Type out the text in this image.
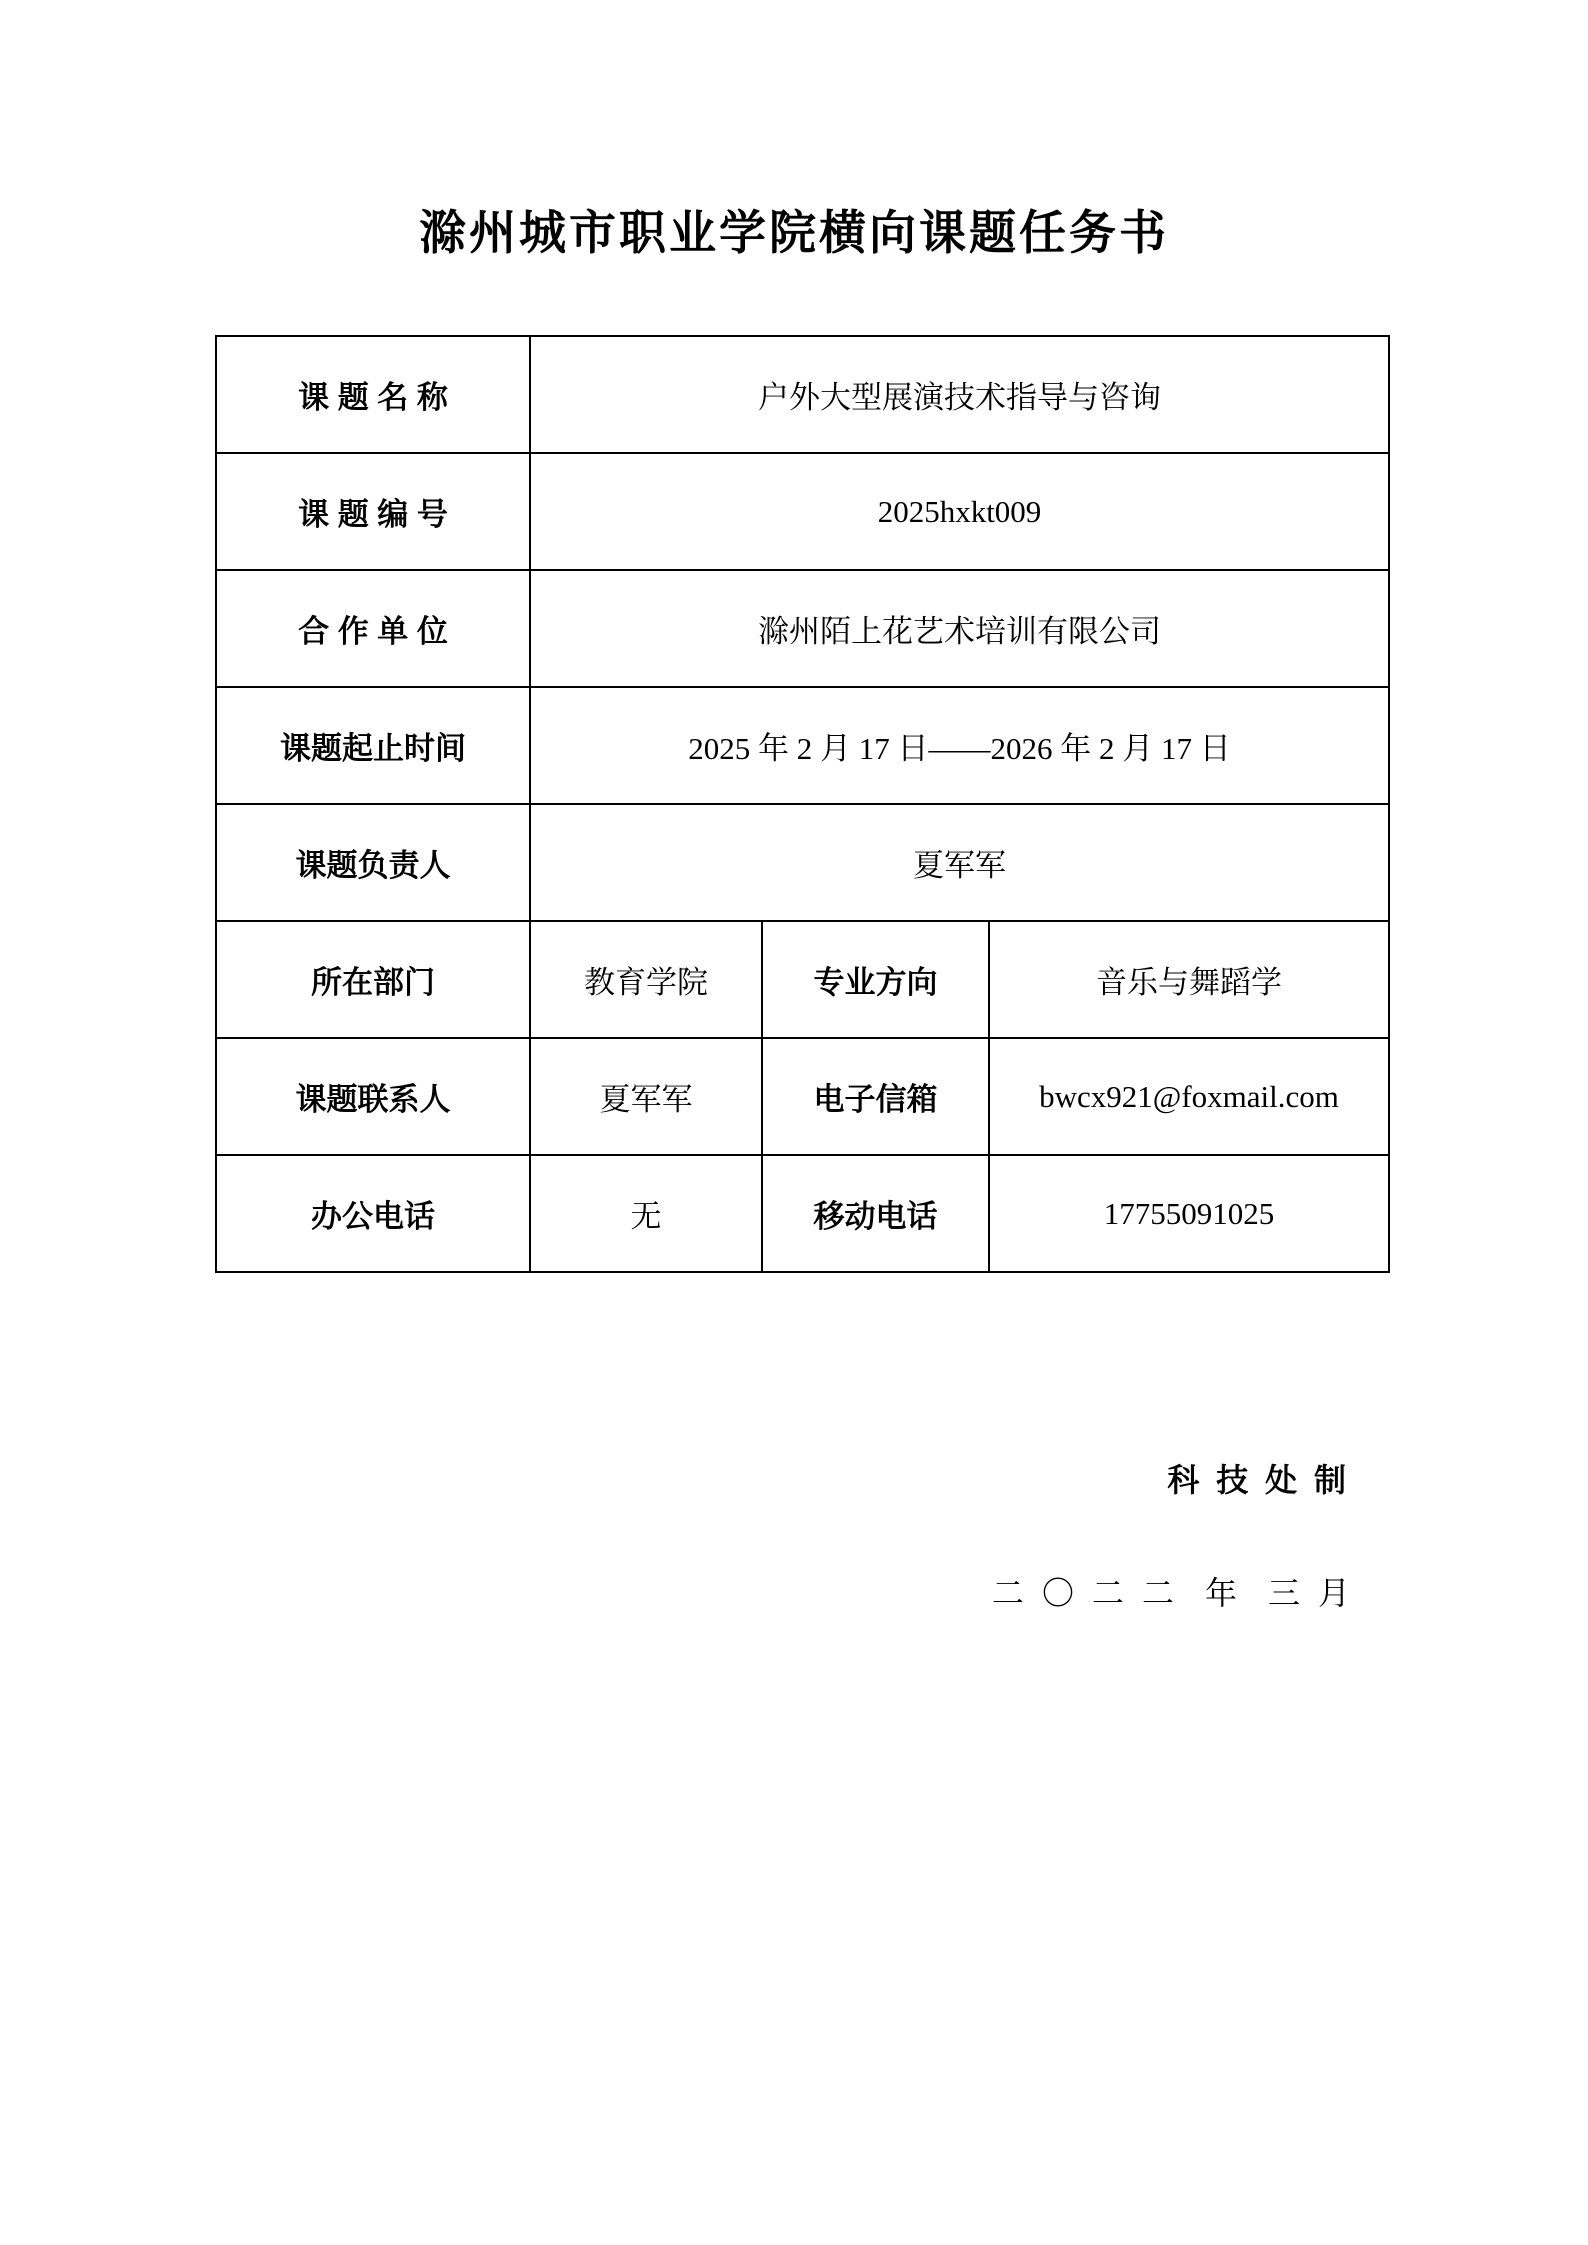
滁州城市职业学院横向课题任务书
课 题 名 称	户外大型展演技术指导与咨询		
课 题 编 号	2025hxkt009		
合 作 单 位	滁州陌上花艺术培训有限公司		
课题起止时间	2025 年 2 月 17 日——2026 年 2 月 17 日		
课题负责人	夏军军		
所在部门	教育学院	专业方向	音乐与舞蹈学
课题联系人	夏军军	电子信箱	bwcx921@foxmail.com
办公电话	无	移动电话	17755091025
科 技 处 制
二 〇 二 二  年  三 月
